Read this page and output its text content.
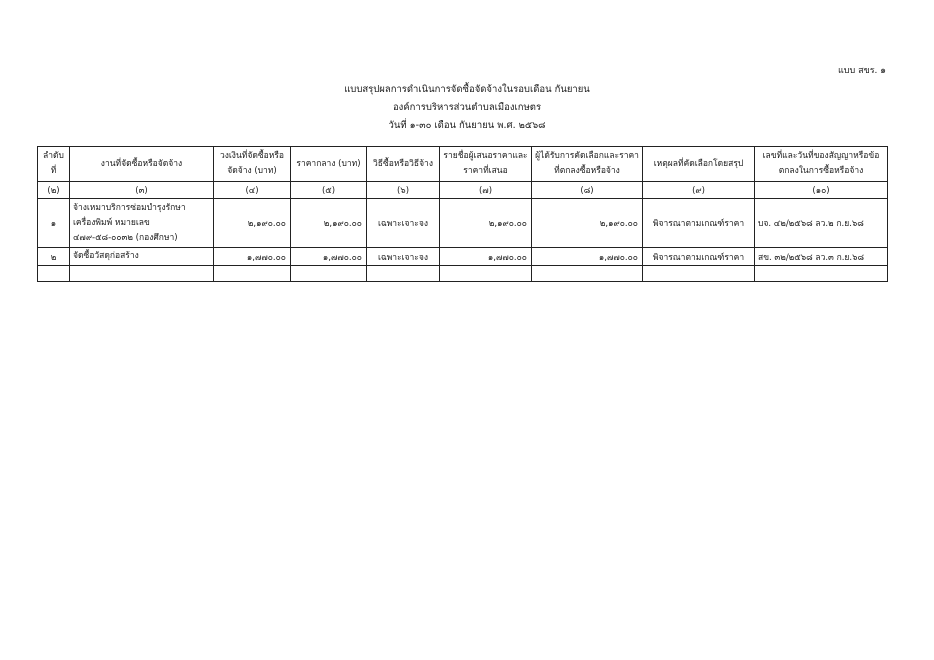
แบบ สขร. ๑
แบบสรุปผลการดำเนินการจัดซื้อจัดจ้างในรอบเดือน กันยายน
องค์การบริหารส่วนตำบลเมืองเกษตร
วันที่ ๑-๓๐ เดือน กันยายน พ.ศ. ๒๕๖๘
ลำดับที่	งานที่จัดซื้อหรือจัดจ้าง	วงเงินที่จัดซื้อหรือจัดจ้าง (บาท)	ราคากลาง (บาท)	วิธีซื้อหรือวิธีจ้าง	รายชื่อผู้เสนอราคาและราคาที่เสนอ	ผู้ได้รับการคัดเลือกและราคาที่ตกลงซื้อหรือจ้าง	เหตุผลที่คัดเลือกโดยสรุป	เลขที่และวันที่ของสัญญาหรือข้อตกลงในการซื้อหรือจ้าง
(๒)	(๓)	(๔)	(๕)	(๖)	(๗)	(๘)	(๙)	(๑๐)
๑	จ้างเหมาบริการซ่อมบำรุงรักษา
เครื่องพิมพ์ หมายเลข
๔๗๙-๕๘-๐๐๓๒ (กองศึกษา)	๒,๑๙๐.๐๐	๒,๑๙๐.๐๐	เฉพาะเจาะจง	๒,๑๙๐.๐๐	๒,๑๙๐.๐๐	พิจารณาตามเกณฑ์ราคา	บจ. ๔๒/๒๕๖๘ ลว.๒ ก.ย.๖๘
๒	จัดซื้อวัสดุก่อสร้าง	๑,๗๗๐.๐๐	๑,๗๗๐.๐๐	เฉพาะเจาะจง	๑,๗๗๐.๐๐	๑,๗๗๐.๐๐	พิจารณาตามเกณฑ์ราคา	สข. ๓๒/๒๕๖๘ ลว.๓ ก.ย.๖๘
